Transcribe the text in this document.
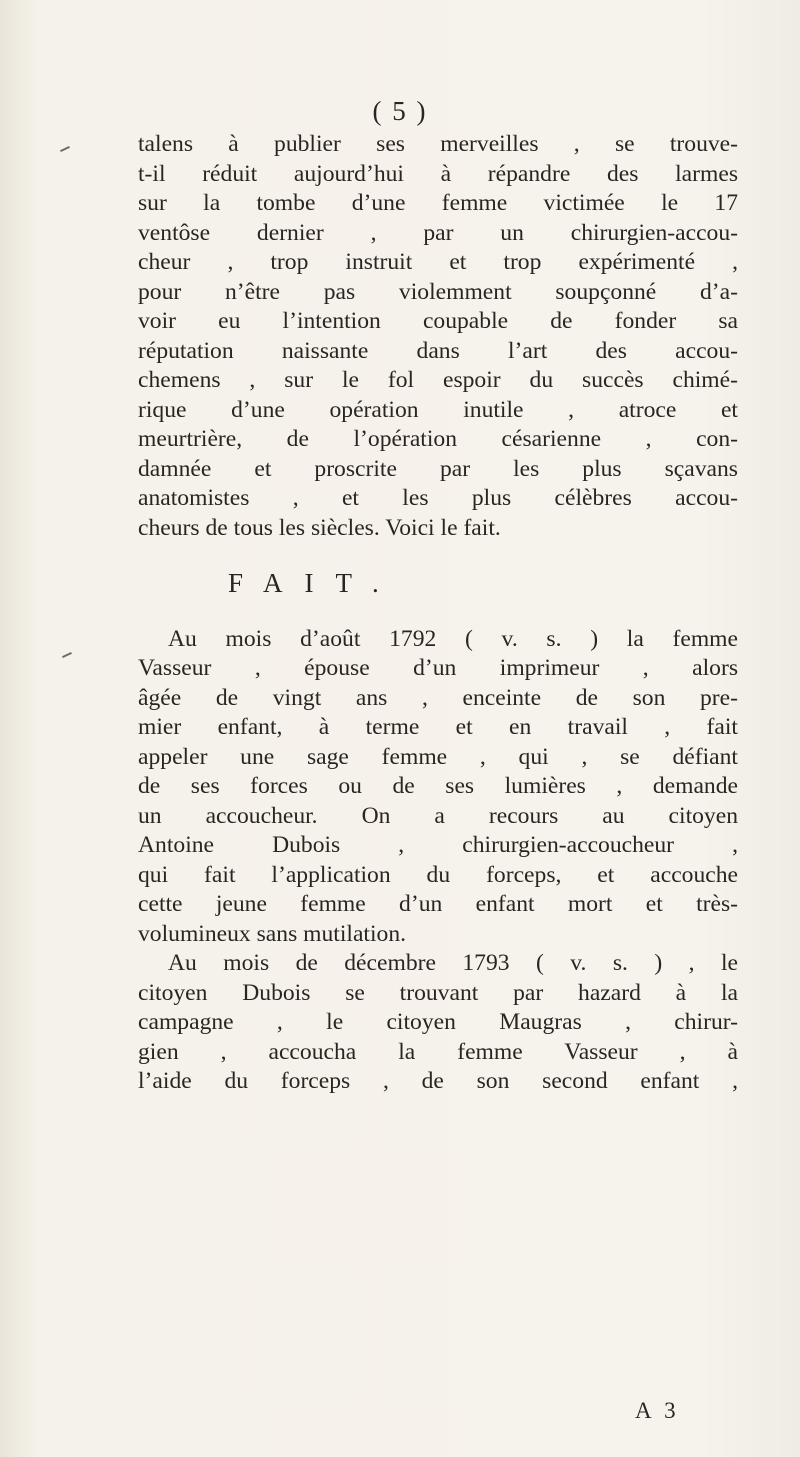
( 5 )
talens à publier ses merveilles , se trouve-
t-il réduit aujourd’hui à répandre des larmes
sur la tombe d’une femme victimée le 17
ventôse dernier , par un chirurgien-accou-
cheur , trop instruit et trop expérimenté ,
pour n’être pas violemment soupçonné d’a-
voir eu l’intention coupable de fonder sa
réputation naissante dans l’art des accou-
chemens , sur le fol espoir du succès chimé-
rique d’une opération inutile , atroce et
meurtrière, de l’opération césarienne , con-
damnée et proscrite par les plus sçavans
anatomistes , et les plus célèbres accou-
cheurs de tous les siècles. Voici le fait.
FAIT.
Au mois d’août 1792 ( v. s. ) la femme
Vasseur , épouse d’un imprimeur , alors
âgée de vingt ans , enceinte de son pre-
mier enfant, à terme et en travail , fait
appeler une sage femme , qui , se défiant
de ses forces ou de ses lumières , demande
un accoucheur. On a recours au citoyen
Antoine Dubois , chirurgien-accoucheur ,
qui fait l’application du forceps, et accouche
cette jeune femme d’un enfant mort et très-
volumineux sans mutilation.
Au mois de décembre 1793 ( v. s. ) , le
citoyen Dubois se trouvant par hazard à la
campagne , le citoyen Maugras , chirur-
gien , accoucha la femme Vasseur , à
l’aide du forceps , de son second enfant ,
A 3
